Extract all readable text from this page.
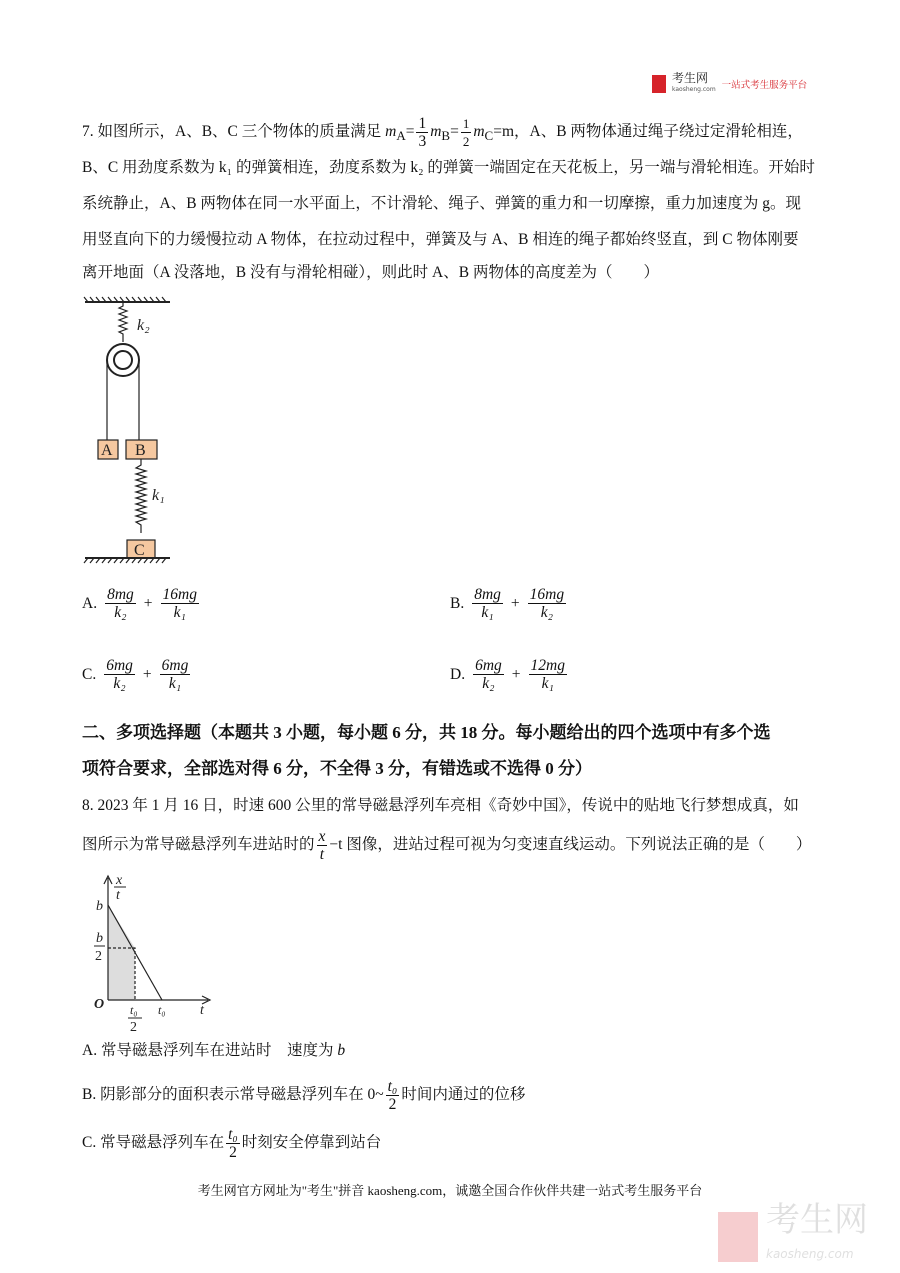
考生网
kaosheng.com 一站式考生服务平台
7. 如图所示，A、B、C 三个物体的质量满足 $m_A= \frac{1}{3} m_B= \frac{1}{2} m_C=m$，A、B 两物体通过绳子绕过定滑轮相连，
B、C 用劲度系数为 k₁ 的弹簧相连，劲度系数为 k₂ 的弹簧一端固定在天花板上，另一端与滑轮相连。开始时
系统静止，A、B 两物体在同一水平面上，不计滑轮、绳子、弹簧的重力和一切摩擦，重力加速度为 g。现
用竖直向下的力缓慢拉动 A 物体，在拉动过程中，弹簧及与 A、B 相连的绳子都始终竖直，到 C 物体刚要
离开地面（A 没落地，B 没有与滑轮相碰），则此时 A、B 两物体的高度差为（　　）
k₂
A B
k₁
C
A. $\frac{8mg}{\text{k₂}} + \frac{16mg}{\text{k₁}}$	B. $\frac{8mg}{\text{k₁}} + \frac{16mg}{\text{k₂}}$
C. $\frac{6mg}{\text{k₂}} + \frac{6mg}{\text{k₁}}$	D. $\frac{6mg}{\text{k₂}} + \frac{12mg}{\text{k₁}}$
二、多项选择题（本题共 3 小题，每小题 6 分，共 18 分。每小题给出的四个选项中有多个选
项符合要求，全部选对得 6 分，不全得 3 分，有错选或不选得 0 分）
8. 2023 年 1 月 16 日，时速 600 公里的常导磁悬浮列车亮相《奇妙中国》，传说中的贴地飞行梦想成真，如
图所示为常导磁悬浮列车进站时的 $\frac{x}{t} -t$ 图像，进站过程可视为匀变速直线运动。下列说法正确的是（　　）
x
t
b
b
2
O t₀
2
t₀ t
A. 常导磁悬浮列车在进站时　速度为 b
B. 阴影部分的面积表示常导磁悬浮列车在 0~ $\frac{\text{t₀}}{2}$ 时间内通过的位移
C. 常导磁悬浮列车在 $\frac{\text{t₀}}{2}$ 时刻安全停靠到站台
考生网官方网址为"考生"拼音 kaosheng.com，诚邀全国合作伙伴共建一站式考生服务平台
考生网
kaosheng.com
